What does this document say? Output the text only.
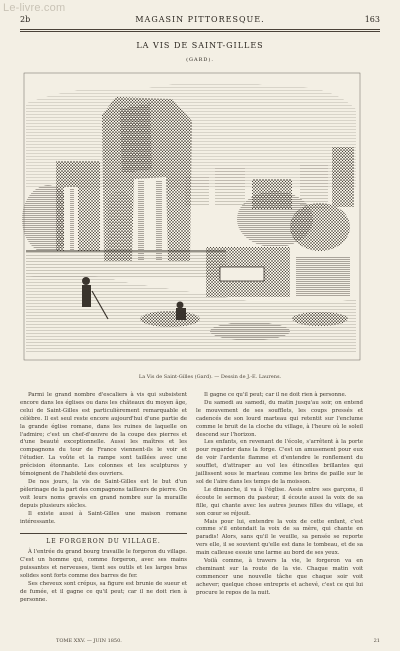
Le-livre.com
2b	MAGASIN PITTORESQUE.	163
LA VIS DE SAINT-GILLES
(GARD).
La Vis de Saint-Gilles (Gard). — Dessin de J.-E. Laurens.

Parmi le grand nombre d'escaliers à vis qui subsistent encore dans les églises ou dans les châteaux du moyen âge, celui de Saint-Gilles est particulièrement remarquable et célèbre. Il est seul reste encore aujourd'hui d'une partie de la grande église romane, dans les ruines de laquelle on l'admire; c'est un chef-d'œuvre de la coupe des pierres et d'une beauté exceptionnelle. Aussi les maîtres et les compagnons du tour de France viennent-ils le voir et l'étudier. La voûte et la rampe sont taillées avec une précision étonnante. Les colonnes et les sculptures y témoignent de l'habileté des ouvriers.

De nos jours, la vis de Saint-Gilles est le but d'un pèlerinage de la part des compagnons tailleurs de pierre. On voit leurs noms gravés en grand nombre sur la muraille depuis plusieurs siècles.

Il existe aussi à Saint-Gilles une maison romane intéressante.

LE FORGERON DU VILLAGE.

À l'entrée du grand bourg travaille le forgeron du village. C'est un homme qui, comme forgeron, avec ses mains puissantes et nerveuses, tient ses outils et les larges bras solides sont forts comme des barres de fer.

Ses cheveux sont crépus, sa figure est brunie de sueur et de fumée, et il gagne ce qu'il peut; car il ne doit rien à personne.

Il gagne ce qu'il peut; car il ne doit rien à personne.

Du samedi au samedi, du matin jusqu'au soir, on entend le mouvement de ses soufflets, les coups pressés et cadencés de son lourd marteau qui retentit sur l'enclume comme le bruit de la cloche du village, à l'heure où le soleil descend sur l'horizon.

Les enfants, en revenant de l'école, s'arrêtent à la porte pour regarder dans la forge. C'est un amusement pour eux de voir l'ardente flamme et d'entendre le ronflement du soufflet, d'attraper au vol les étincelles brillantes qui jaillissent sous le marteau comme les brins de paille sur le sol de l'aire dans les temps de la moisson.

Le dimanche, il va à l'église. Assis entre ses garçons, il écoute le sermon du pasteur, il écoute aussi la voix de sa fille, qui chante avec les autres jeunes filles du village, et son cœur se réjouit.

Mais pour lui, entendre la voix de cette enfant, c'est comme s'il entendait la voix de sa mère, qui chante en paradis! Alors, sans qu'il le veuille, sa pensée se reporte vers elle, il se souvient qu'elle est dans le tombeau, et de sa main calleuse essuie une larme au bord de ses yeux.

Voilà comme, à travers la vie, le forgeron va en cheminant sur la route de la vie. Chaque matin voit commencer une nouvelle tâche que chaque soir voit achever; quelque chose entrepris et achevé, c'est ce qui lui procure le repos de la nuit.

TOME XXV. — JUIN 1850.	21
